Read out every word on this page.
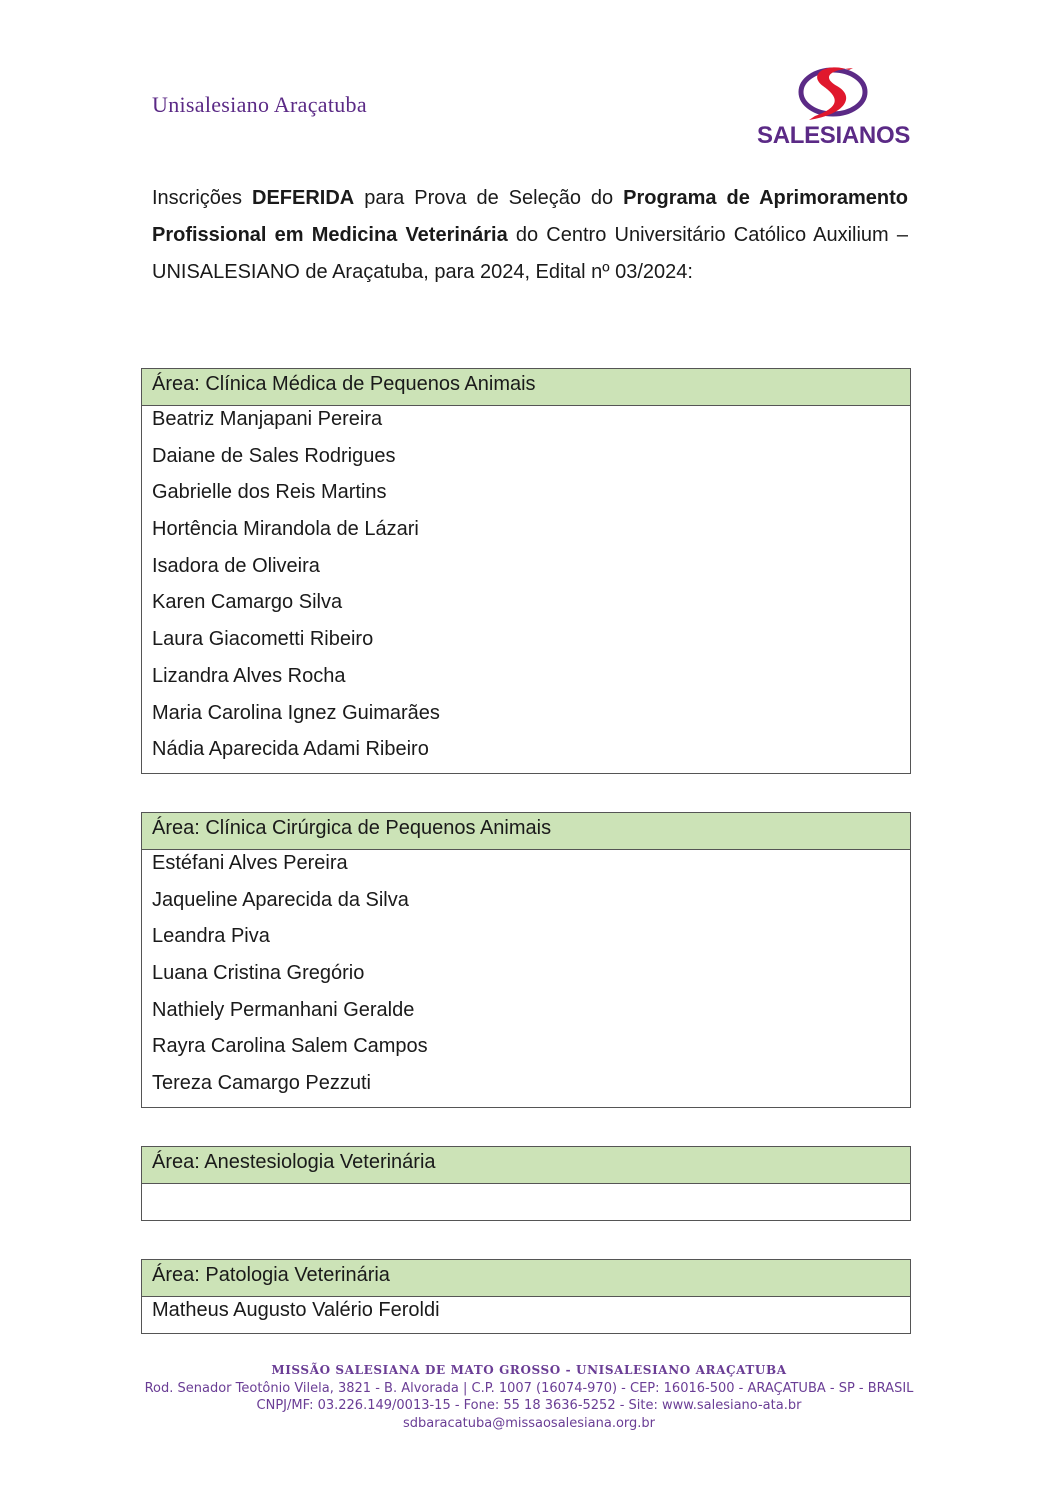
Unisalesiano Araçatuba
SALESIANOS
Inscrições DEFERIDA para Prova de Seleção do Programa de Aprimoramento Profissional em Medicina Veterinária do Centro Universitário Católico Auxilium – UNISALESIANO de Araçatuba, para 2024, Edital nº 03/2024:
Área: Clínica Médica de Pequenos Animais
Beatriz Manjapani Pereira
Daiane de Sales Rodrigues
Gabrielle dos Reis Martins
Hortência Mirandola de Lázari
Isadora de Oliveira
Karen Camargo Silva
Laura Giacometti Ribeiro
Lizandra Alves Rocha
Maria Carolina Ignez Guimarães
Nádia Aparecida Adami Ribeiro
Área: Clínica Cirúrgica de Pequenos Animais
Estéfani Alves Pereira
Jaqueline Aparecida da Silva
Leandra Piva
Luana Cristina Gregório
Nathiely Permanhani Geralde
Rayra Carolina Salem Campos
Tereza Camargo Pezzuti
Área: Anestesiologia Veterinária
Área: Patologia Veterinária
Matheus Augusto Valério Feroldi
MISSÃO SALESIANA DE MATO GROSSO - UNISALESIANO ARAÇATUBA
Rod. Senador Teotônio Vilela, 3821 - B. Alvorada | C.P. 1007 (16074-970) - CEP: 16016-500 - ARAÇATUBA - SP - BRASIL
CNPJ/MF: 03.226.149/0013-15 - Fone: 55 18 3636-5252 - Site: www.salesiano-ata.br
sdbaracatuba@missaosalesiana.org.br
